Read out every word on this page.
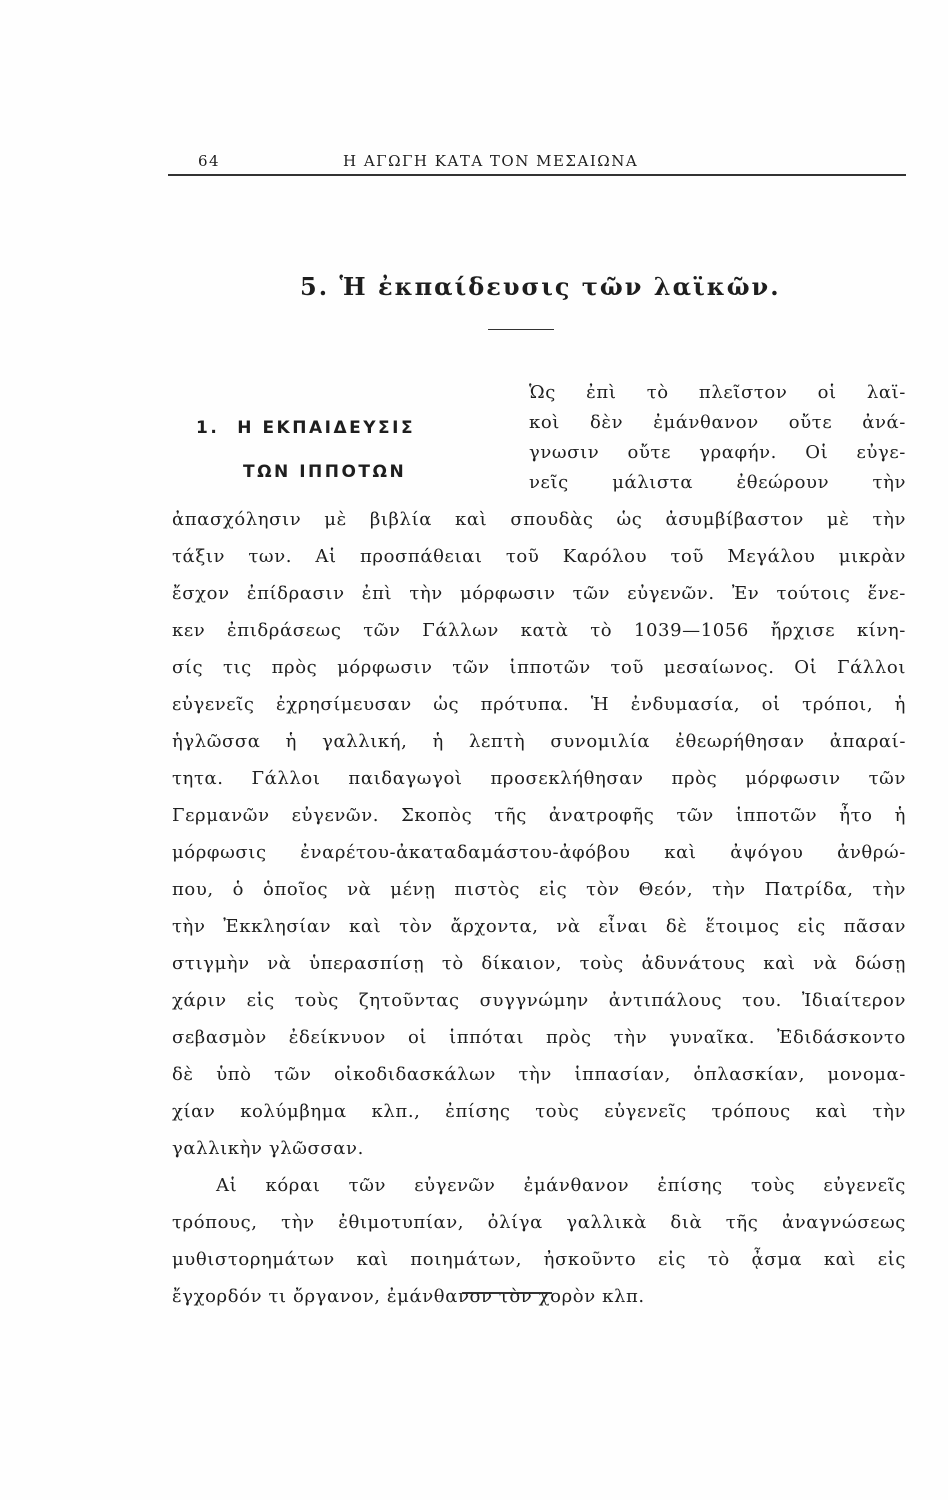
64	Η ΑΓΩΓΗ ΚΑΤΑ ΤΟΝ ΜΕΣΑΙΩΝΑ
5. Ἡ ἐκπαίδευσις τῶν λαϊκῶν.
1. Η ΕΚΠΑΙΔΕΥΣΙΣ
ΤΩΝ ΙΠΠΟΤΩΝ
Ὡς ἐπὶ τὸ πλεῖστον οἱ λαϊ-
κοὶ δὲν ἐμάνθανον οὔτε ἀνά-
γνωσιν οὔτε γραφήν. Οἱ εὐγε-
νεῖς μάλιστα ἐθεώρουν τὴν
ἀπασχόλησιν μὲ βιβλία καὶ σπουδὰς ὡς ἀσυμβίβαστον μὲ τὴν
τάξιν των. Αἱ προσπάθειαι τοῦ Καρόλου τοῦ Μεγάλου μικρὰν
ἔσχον ἐπίδρασιν ἐπὶ τὴν μόρφωσιν τῶν εὐγενῶν. Ἐν τούτοις ἕνε-
κεν ἐπιδράσεως τῶν Γάλλων κατὰ τὸ 1039—1056 ἤρχισε κίνη-
σίς τις πρὸς μόρφωσιν τῶν ἱπποτῶν τοῦ μεσαίωνος. Οἱ Γάλλοι
εὐγενεῖς ἐχρησίμευσαν ὡς πρότυπα. Ἡ ἐνδυμασία, οἱ τρόποι, ἡ
ἡγλῶσσα ἡ γαλλική, ἡ λεπτὴ συνομιλία ἐθεωρήθησαν ἀπαραί-
τητα. Γάλλοι παιδαγωγοὶ προσεκλήθησαν πρὸς μόρφωσιν τῶν
Γερμανῶν εὐγενῶν. Σκοπὸς τῆς ἀνατροφῆς τῶν ἱπποτῶν ἦτο ἡ
μόρφωσις ἐναρέτου-ἀκαταδαμάστου-ἀφόβου καὶ ἀψόγου ἀνθρώ-
που, ὁ ὁποῖος νὰ μένῃ πιστὸς εἰς τὸν Θεόν, τὴν Πατρίδα, τὴν
τὴν Ἐκκλησίαν καὶ τὸν ἄρχοντα, νὰ εἶναι δὲ ἕτοιμος εἰς πᾶσαν
στιγμὴν νὰ ὑπερασπίσῃ τὸ δίκαιον, τοὺς ἀδυνάτους καὶ νὰ δώσῃ
χάριν εἰς τοὺς ζητοῦντας συγγνώμην ἀντιπάλους του. Ἰδιαίτερον
σεβασμὸν ἐδείκνυον οἱ ἱππόται πρὸς τὴν γυναῖκα. Ἐδιδάσκοντο
δὲ ὑπὸ τῶν οἰκοδιδασκάλων τὴν ἱππασίαν, ὁπλασκίαν, μονομα-
χίαν κολύμβημα κλπ., ἐπίσης τοὺς εὐγενεῖς τρόπους καὶ τὴν
γαλλικὴν γλῶσσαν.
Αἱ κόραι τῶν εὐγενῶν ἐμάνθανον ἐπίσης τοὺς εὐγενεῖς
τρόπους, τὴν ἐθιμοτυπίαν, ὀλίγα γαλλικὰ διὰ τῆς ἀναγνώσεως
μυθιστορημάτων καὶ ποιημάτων, ἠσκοῦντο εἰς τὸ ᾆσμα καὶ εἰς
ἔγχορδόν τι ὄργανον, ἐμάνθανον τὸν χορὸν κλπ.
